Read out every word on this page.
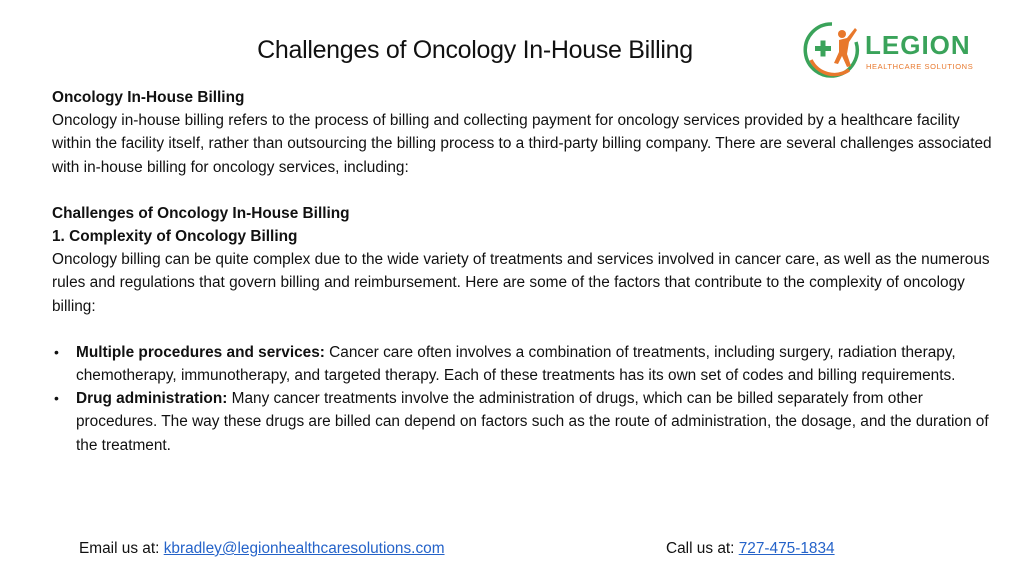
Challenges of Oncology In-House Billing	LEGION
HEALTHCARE SOLUTIONS

Oncology In-House Billing

Oncology in-house billing refers to the process of billing and collecting payment for oncology services provided by a healthcare facility within the facility itself, rather than outsourcing the billing process to a third-party billing company. There are several challenges associated with in-house billing for oncology services, including:

Challenges of Oncology In-House Billing

1. Complexity of Oncology Billing

Oncology billing can be quite complex due to the wide variety of treatments and services involved in cancer care, as well as the numerous rules and regulations that govern billing and reimbursement. Here are some of the factors that contribute to the complexity of oncology billing:

• Multiple procedures and services: Cancer care often involves a combination of treatments, including surgery, radiation therapy, chemotherapy, immunotherapy, and targeted therapy. Each of these treatments has its own set of codes and billing requirements.
• Drug administration: Many cancer treatments involve the administration of drugs, which can be billed separately from other procedures. The way these drugs are billed can depend on factors such as the route of administration, the dosage, and the duration of the treatment.
Email us at: kbradley@legionhealthcaresolutions.com	Call us at: 727-475-1834
